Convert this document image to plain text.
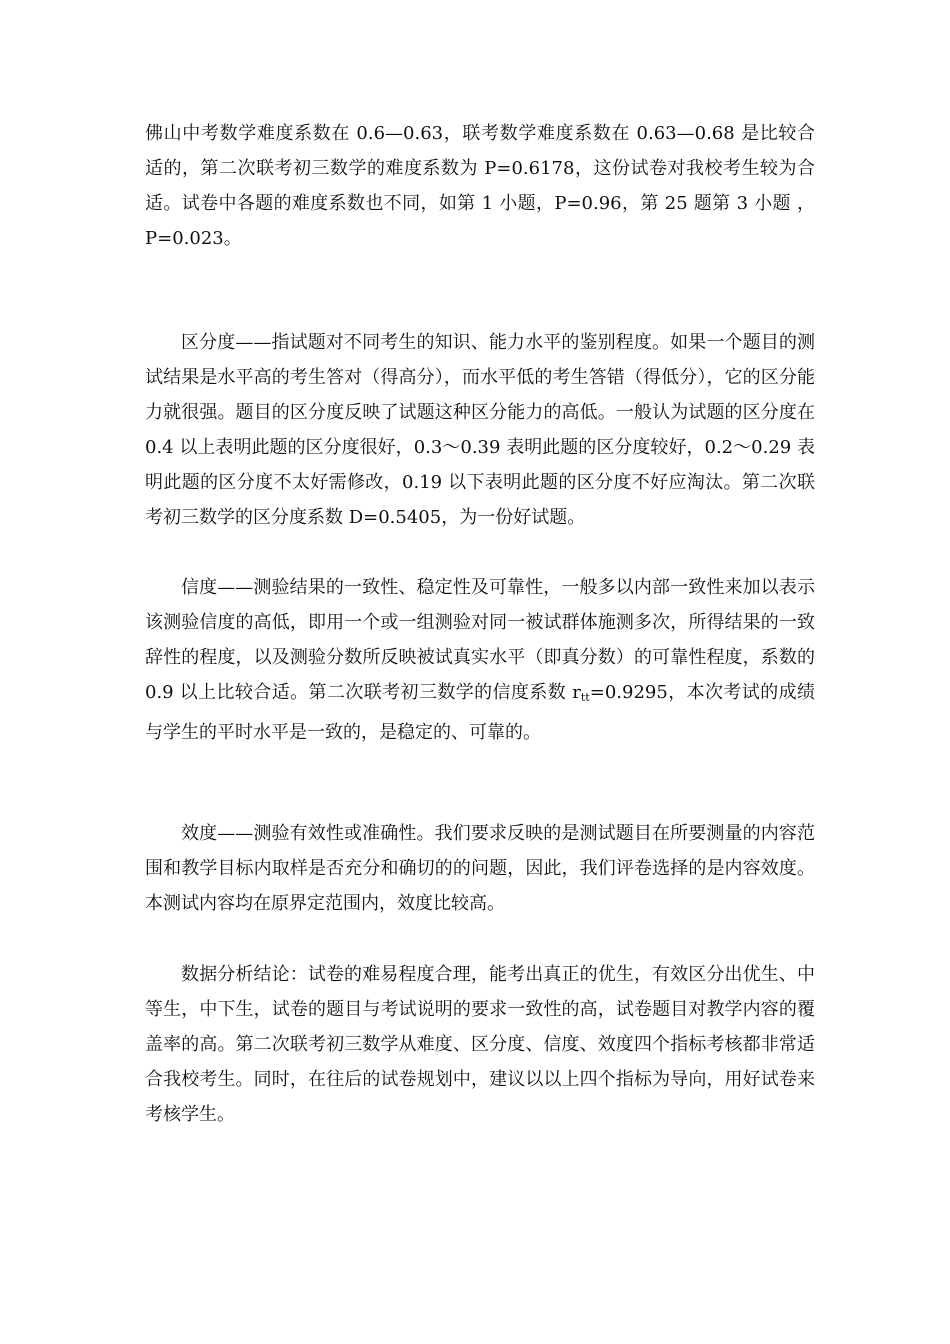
佛山中考数学难度系数在 0.6—0.63，联考数学难度系数在 0.63—0.68 是比较合适的，第二次联考初三数学的难度系数为 P=0.6178，这份试卷对我校考生较为合适。试卷中各题的难度系数也不同，如第 1 小题，P=0.96，第 25 题第 3 小题 ，P=0.023。

区分度——指试题对不同考生的知识、能力水平的鉴别程度。如果一个题目的测试结果是水平高的考生答对（得高分），而水平低的考生答错（得低分），它的区分能力就很强。题目的区分度反映了试题这种区分能力的高低。一般认为试题的区分度在 0.4 以上表明此题的区分度很好，0.3～0.39 表明此题的区分度较好，0.2～0.29 表明此题的区分度不太好需修改，0.19 以下表明此题的区分度不好应淘汰。第二次联考初三数学的区分度系数 D=0.5405，为一份好试题。

信度——测验结果的一致性、稳定性及可靠性，一般多以内部一致性来加以表示该测验信度的高低，即用一个或一组测验对同一被试群体施测多次，所得结果的一致辞性的程度，以及测验分数所反映被试真实水平（即真分数）的可靠性程度，系数的 0.9 以上比较合适。第二次联考初三数学的信度系数 $r_{tt}=0.9295$，本次考试的成绩与学生的平时水平是一致的，是稳定的、可靠的。

效度——测验有效性或准确性。我们要求反映的是测试题目在所要测量的内容范围和教学目标内取样是否充分和确切的的问题，因此，我们评卷选择的是内容效度。本测试内容均在原界定范围内，效度比较高。

数据分析结论：试卷的难易程度合理，能考出真正的优生，有效区分出优生、中等生，中下生，试卷的题目与考试说明的要求一致性的高，试卷题目对教学内容的覆盖率的高。第二次联考初三数学从难度、区分度、信度、效度四个指标考核都非常适合我校考生。同时，在往后的试卷规划中，建议以以上四个指标为导向，用好试卷来考核学生。
